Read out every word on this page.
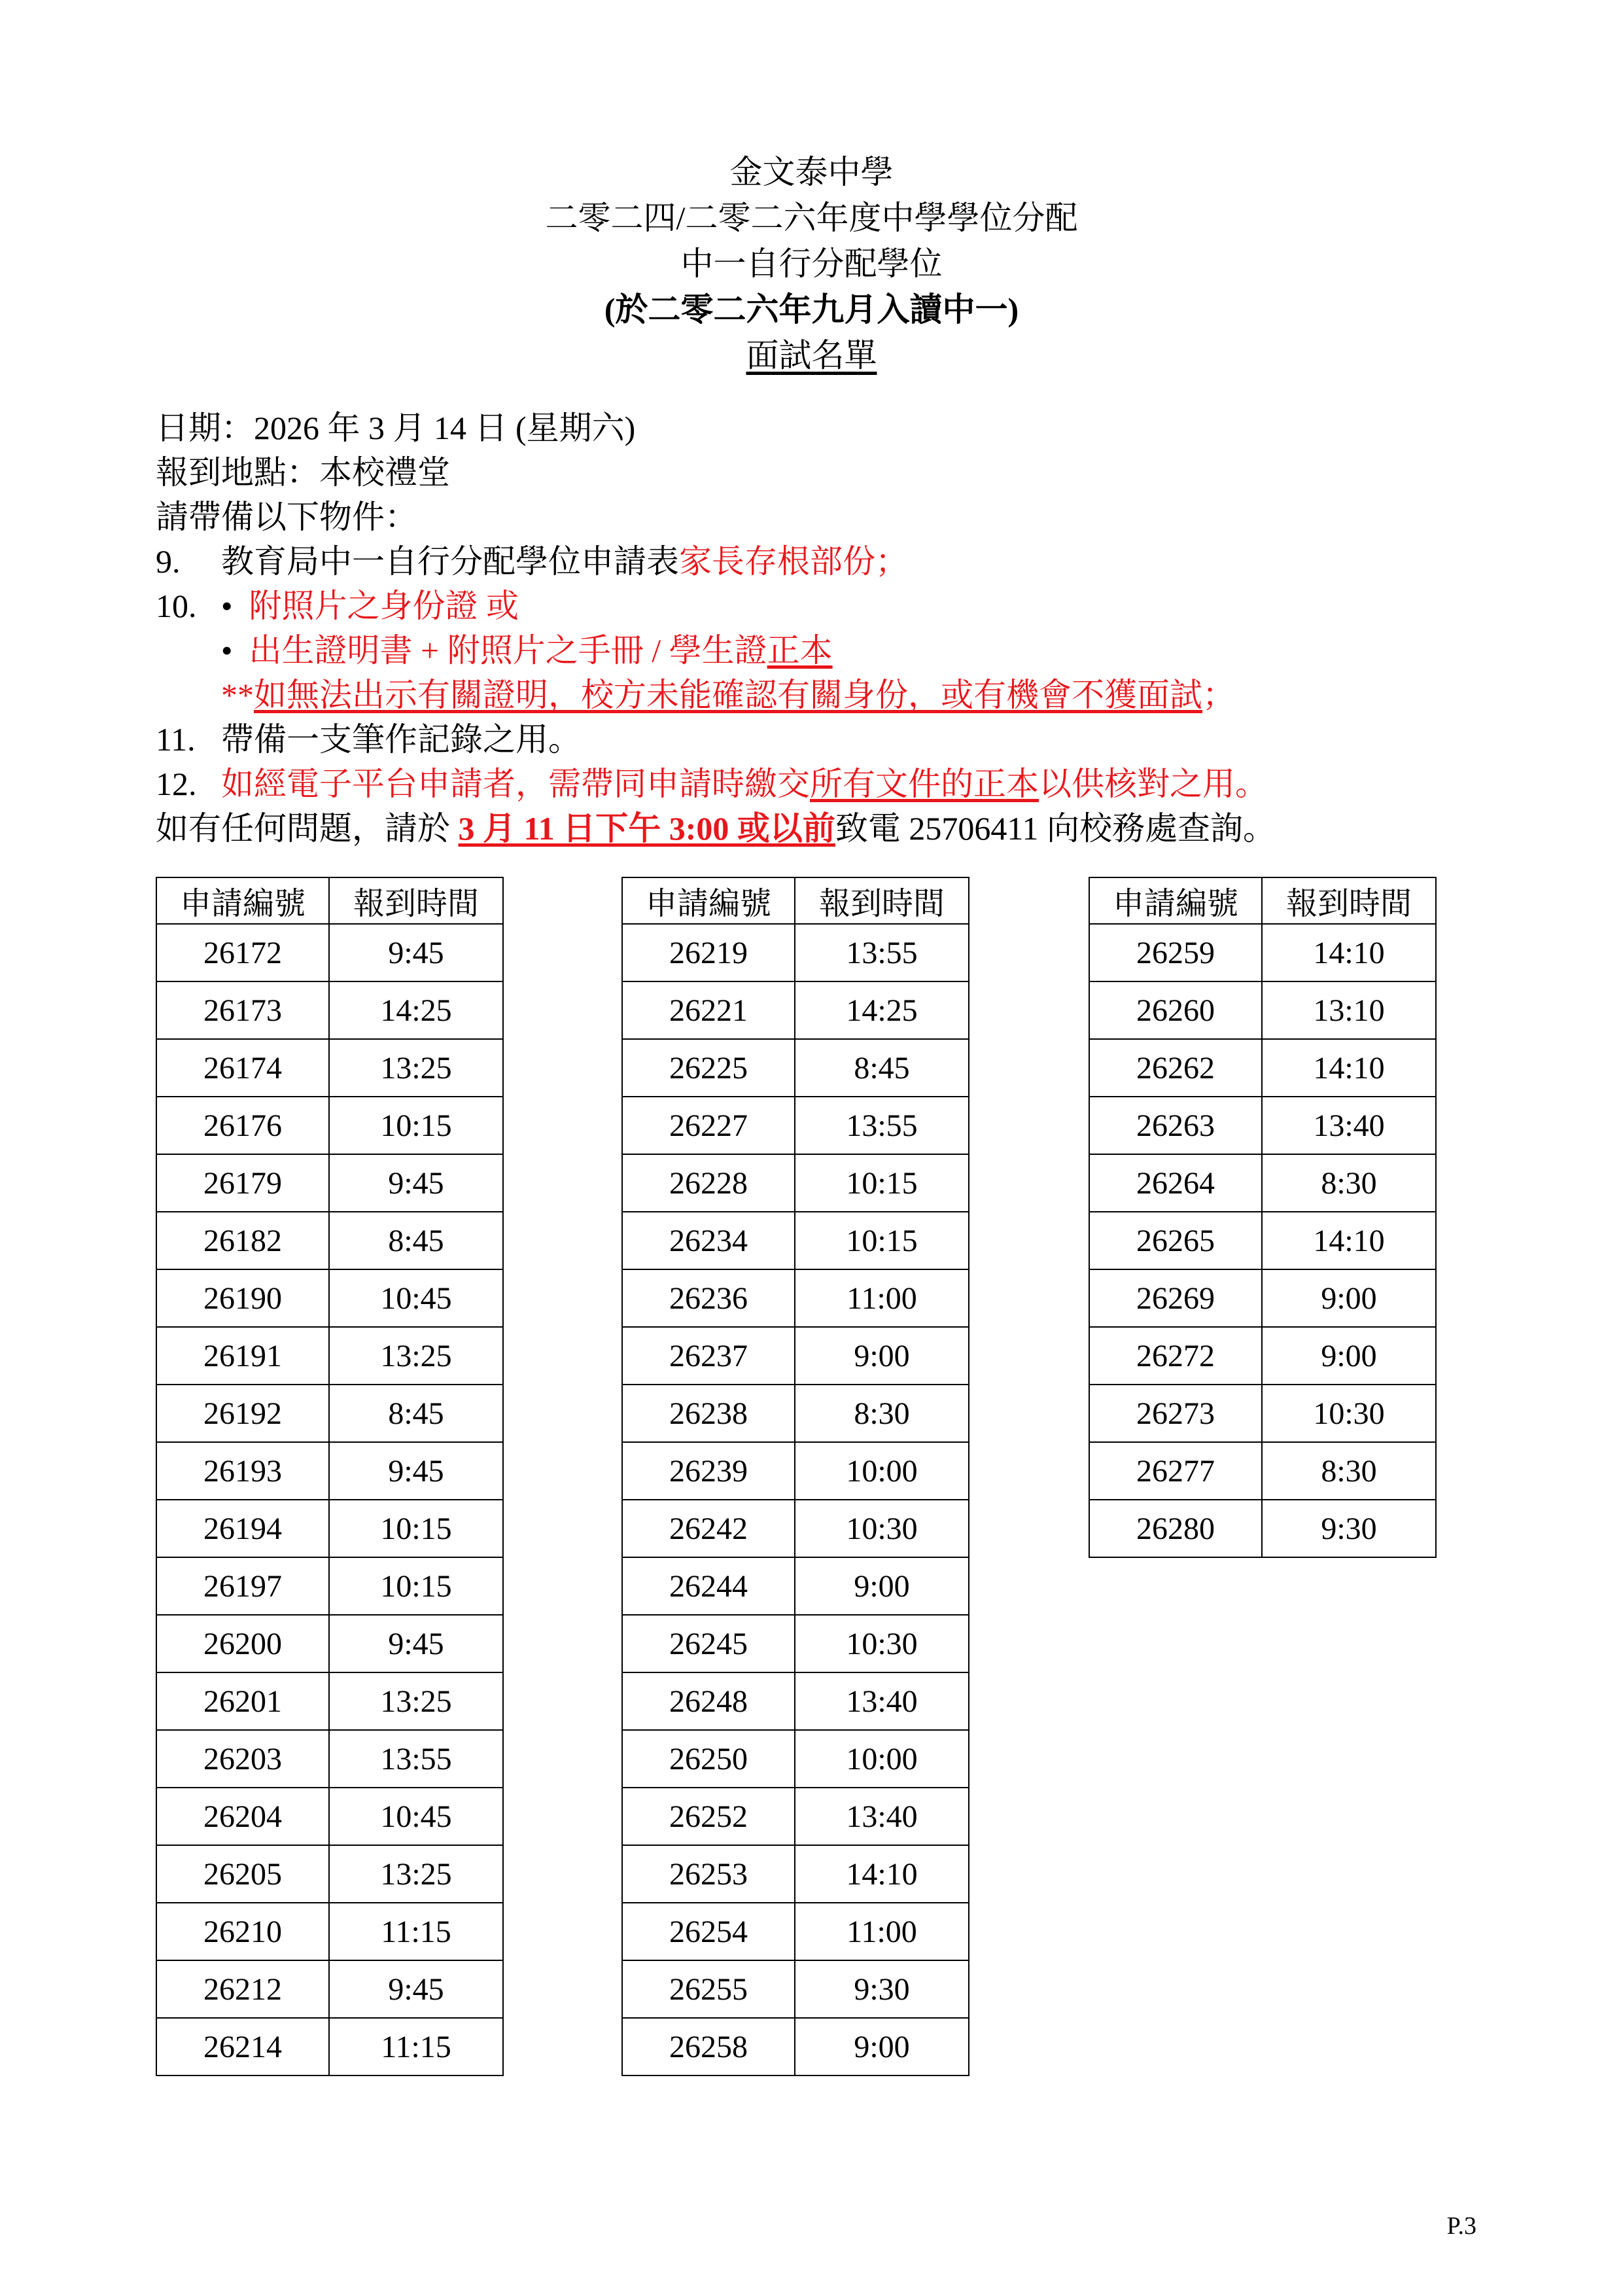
金文泰中學
二零二四/二零二六年度中學學位分配
中一自行分配學位
(於二零二六年九月入讀中一)
面試名單
日期：2026 年 3 月 14 日 (星期六)
報到地點：本校禮堂
請帶備以下物件：
9. 教育局中一自行分配學位申請表家長存根部份；
10. • 附照片之身份證 或
• 出生證明書 + 附照片之手冊 / 學生證正本
**如無法出示有關證明，校方未能確認有關身份，或有機會不獲面試；
11. 帶備一支筆作記錄之用。
12. 如經電子平台申請者，需帶同申請時繳交所有文件的正本以供核對之用。
如有任何問題，請於 3 月 11 日下午 3:00 或以前致電 25706411 向校務處查詢。
申請編號	報到時間
26172	9:45
26173	14:25
26174	13:25
26176	10:15
26179	9:45
26182	8:45
26190	10:45
26191	13:25
26192	8:45
26193	9:45
26194	10:15
26197	10:15
26200	9:45
26201	13:25
26203	13:55
26204	10:45
26205	13:25
26210	11:15
26212	9:45
26214	11:15
申請編號	報到時間
26219	13:55
26221	14:25
26225	8:45
26227	13:55
26228	10:15
26234	10:15
26236	11:00
26237	9:00
26238	8:30
26239	10:00
26242	10:30
26244	9:00
26245	10:30
26248	13:40
26250	10:00
26252	13:40
26253	14:10
26254	11:00
26255	9:30
26258	9:00
申請編號	報到時間
26259	14:10
26260	13:10
26262	14:10
26263	13:40
26264	8:30
26265	14:10
26269	9:00
26272	9:00
26273	10:30
26277	8:30
26280	9:30
P.3
